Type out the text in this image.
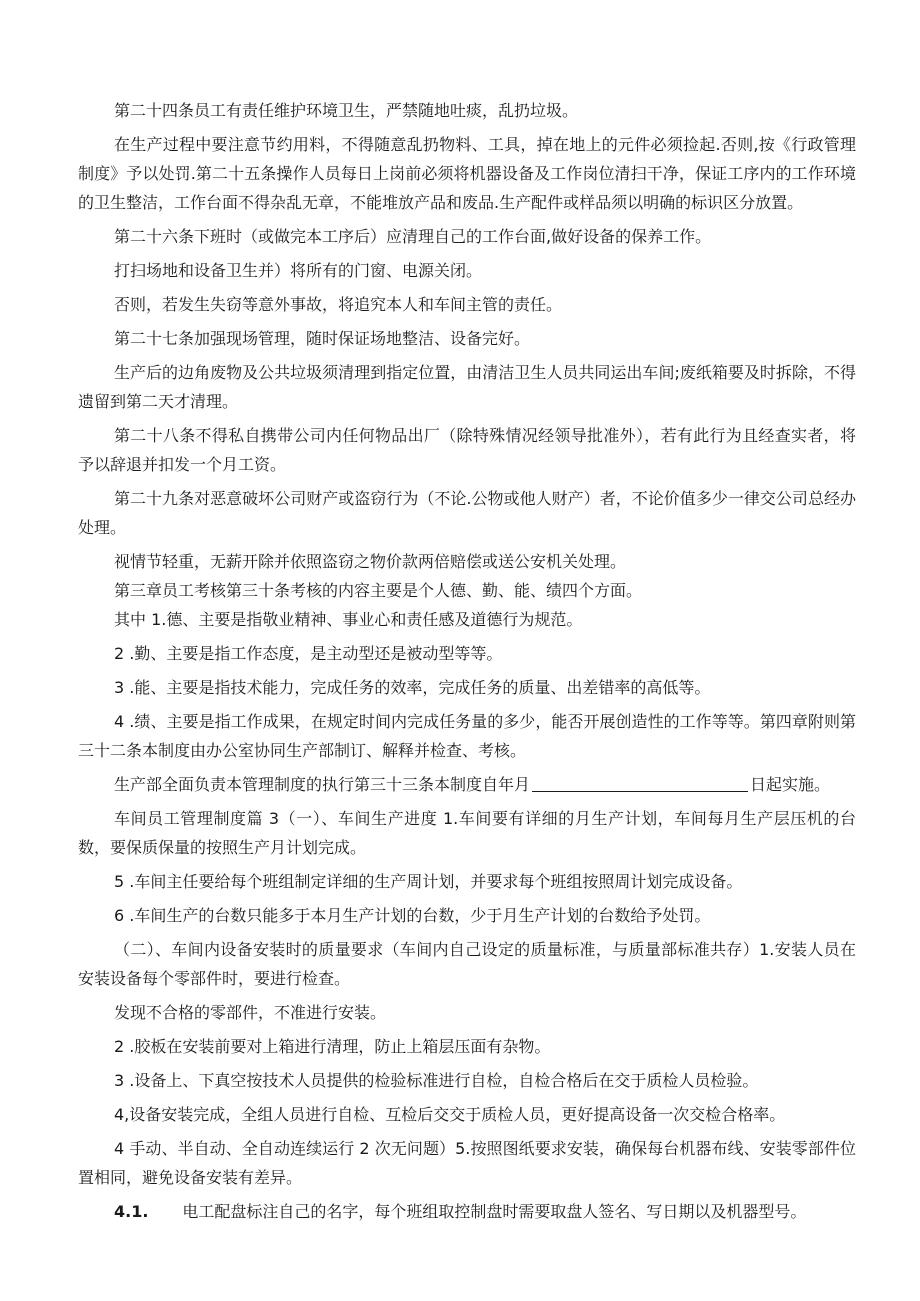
第二十四条员工有责任维护环境卫生，严禁随地吐痰，乱扔垃圾。

在生产过程中要注意节约用料，不得随意乱扔物料、工具，掉在地上的元件必须捡起.否则,按《行政管理制度》予以处罚.第二十五条操作人员每日上岗前必须将机器设备及工作岗位清扫干净，保证工序内的工作环境的卫生整洁，工作台面不得杂乱无章，不能堆放产品和废品.生产配件或样品须以明确的标识区分放置。

第二十六条下班时（或做完本工序后）应清理自己的工作台面,做好设备的保养工作。

打扫场地和设备卫生并）将所有的门窗、电源关闭。

否则，若发生失窃等意外事故，将追究本人和车间主管的责任。

第二十七条加强现场管理，随时保证场地整洁、设备完好。

生产后的边角废物及公共垃圾须清理到指定位置，由清洁卫生人员共同运出车间;废纸箱要及时拆除，不得遗留到第二天才清理。

第二十八条不得私自携带公司内任何物品出厂（除特殊情况经领导批准外），若有此行为且经查实者，将予以辞退并扣发一个月工资。

第二十九条对恶意破坏公司财产或盗窃行为（不论.公物或他人财产）者，不论价值多少一律交公司总经办处理。

视情节轻重，无薪开除并依照盗窃之物价款两倍赔偿或送公安机关处理。

第三章员工考核第三十条考核的内容主要是个人德、勤、能、绩四个方面。

其中 1.德、主要是指敬业精神、事业心和责任感及道德行为规范。

2 .勤、主要是指工作态度，是主动型还是被动型等等。

3 .能、主要是指技术能力，完成任务的效率，完成任务的质量、出差错率的高低等。

4 .绩、主要是指工作成果，在规定时间内完成任务量的多少，能否开展创造性的工作等等。第四章附则第三十二条本制度由办公室协同生产部制订、解释并检查、考核。

生产部全面负责本管理制度的执行第三十三条本制度自年月	日起实施。

车间员工管理制度篇 3（一）、车间生产进度 1.车间要有详细的月生产计划，车间每月生产层压机的台数，要保质保量的按照生产月计划完成。

5 .车间主任要给每个班组制定详细的生产周计划，并要求每个班组按照周计划完成设备。

6 .车间生产的台数只能多于本月生产计划的台数，少于月生产计划的台数给予处罚。

（二）、车间内设备安装时的质量要求（车间内自己设定的质量标准，与质量部标准共存）1.安装人员在安装设备每个零部件时，要进行检查。

发现不合格的零部件，不准进行安装。

2 .胶板在安装前要对上箱进行清理，防止上箱层压面有杂物。

3 .设备上、下真空按技术人员提供的检验标准进行自检，自检合格后在交于质检人员检验。

4,设备安装完成，全组人员进行自检、互检后交交于质检人员，更好提高设备一次交检合格率。

4 手动、半自动、全自动连续运行 2 次无问题）5.按照图纸要求安装，确保每台机器布线、安装零部件位置相同，避免设备安装有差异。

4.1. 电工配盘标注自己的名字，每个班组取控制盘时需要取盘人签名、写日期以及机器型号。
